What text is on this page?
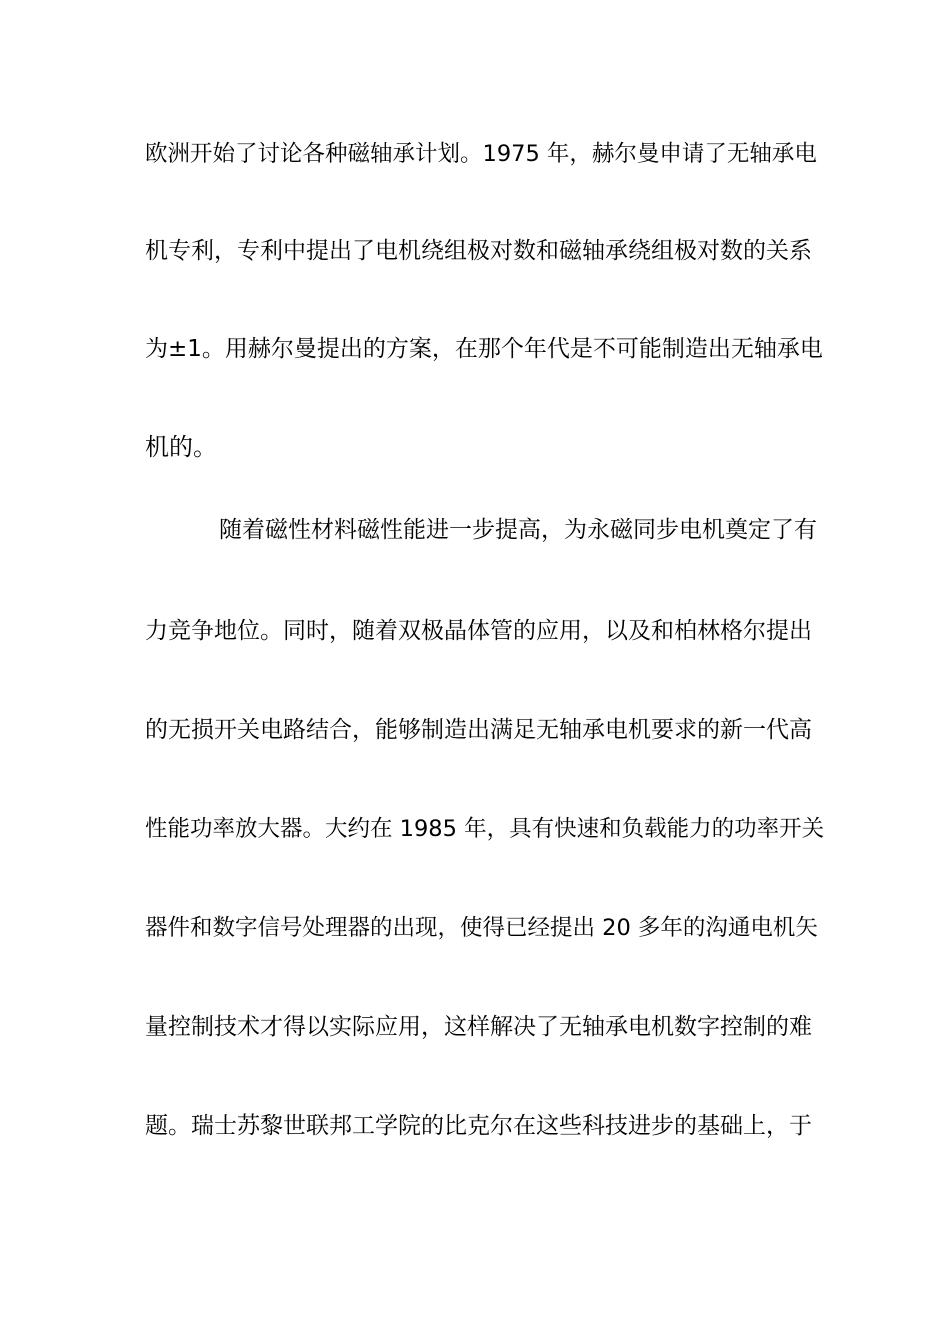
欧洲开始了讨论各种磁轴承计划。1975 年，赫尔曼申请了无轴承电
机专利，专利中提出了电机绕组极对数和磁轴承绕组极对数的关系
为±1。用赫尔曼提出的方案，在那个年代是不可能制造出无轴承电
机的。
随着磁性材料磁性能进一步提高，为永磁同步电机奠定了有
力竞争地位。同时，随着双极晶体管的应用，以及和柏林格尔提出
的无损开关电路结合，能够制造出满足无轴承电机要求的新一代高
性能功率放大器。大约在 1985 年，具有快速和负载能力的功率开关
器件和数字信号处理器的出现，使得已经提出 20 多年的沟通电机矢
量控制技术才得以实际应用，这样解决了无轴承电机数字控制的难
题。瑞士苏黎世联邦工学院的比克尔在这些科技进步的基础上，于
